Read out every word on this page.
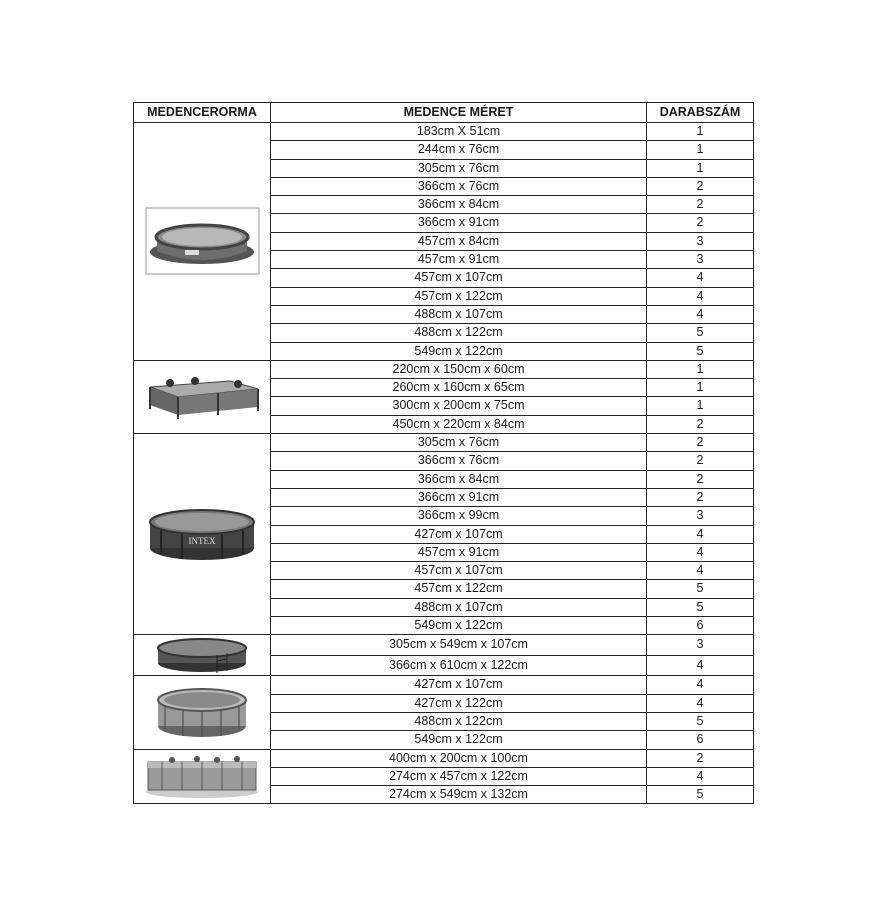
MEDENCERORMA	MEDENCE MÉRET	DARABSZÁM

	183cm X 51cm	1
	244cm x 76cm	1
	305cm x 76cm	1
	366cm x 76cm	2
	366cm x 84cm	2
	366cm x 91cm	2
	457cm x 84cm	3
	457cm x 91cm	3
	457cm x 107cm	4
	457cm x 122cm	4
	488cm x 107cm	4
	488cm x 122cm	5
	549cm x 122cm	5

	220cm x 150cm x 60cm	1
	260cm x 160cm x 65cm	1
	300cm x 200cm x 75cm	1
	450cm x 220cm x 84cm	2

INTEX	305cm x 76cm	2
	366cm x 76cm	2
	366cm x 84cm	2
	366cm x 91cm	2
	366cm x 99cm	3
	427cm x 107cm	4
	457cm x 91cm	4
	457cm x 107cm	4
	457cm x 122cm	5
	488cm x 107cm	5
	549cm x 122cm	6

	305cm x 549cm x 107cm	3
	366cm x 610cm x 122cm	4

	427cm x 107cm	4
	427cm x 122cm	4
	488cm x 122cm	5
	549cm x 122cm	6

	400cm x 200cm x 100cm	2
	274cm x 457cm x 122cm	4
	274cm x 549cm x 132cm	5
